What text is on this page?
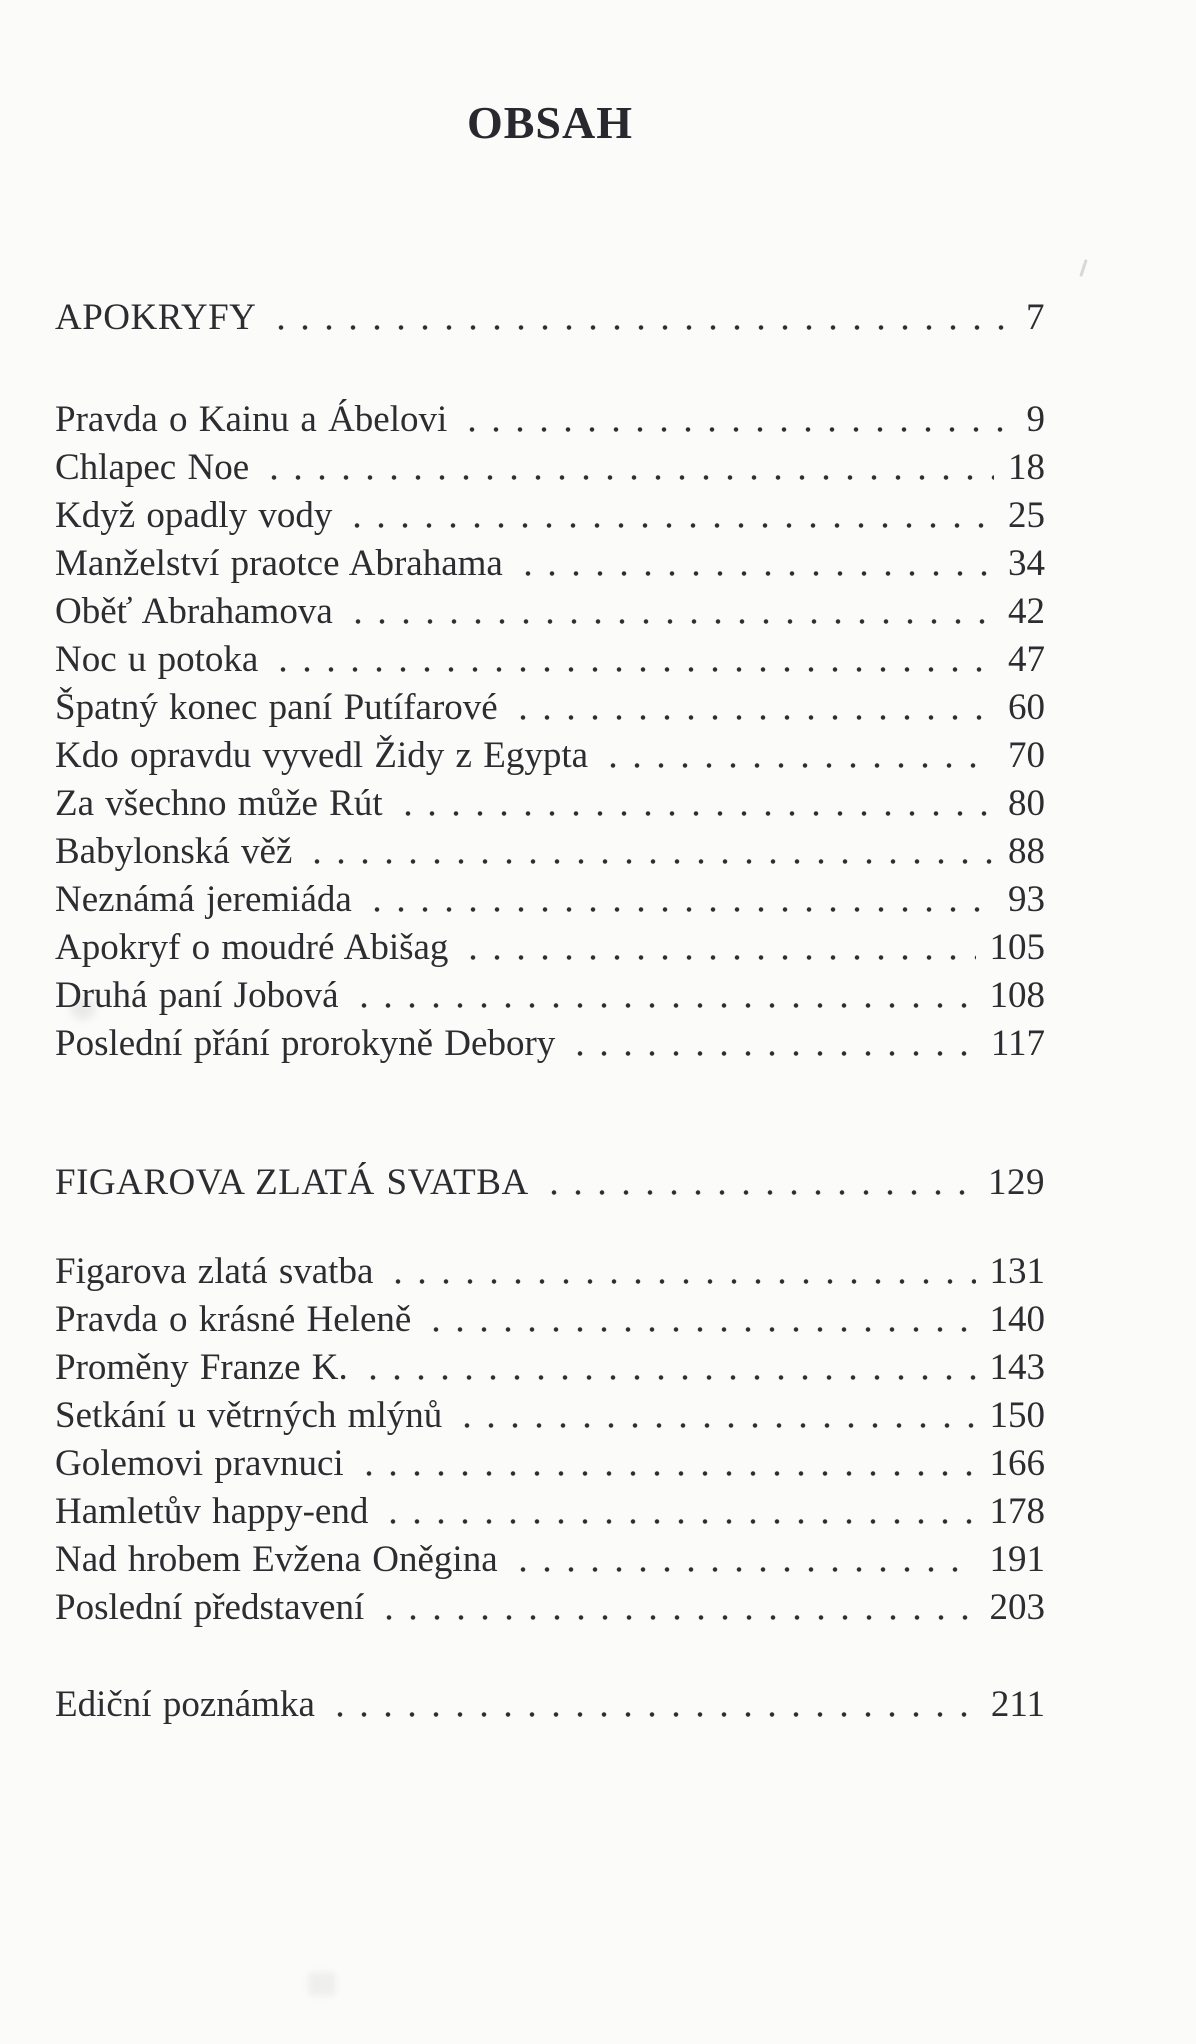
OBSAH
APOKRYFY	7
Pravda o Kainu a Ábelovi	9
Chlapec Noe	18
Když opadly vody	25
Manželství praotce Abrahama	34
Oběť Abrahamova	42
Noc u potoka	47
Špatný konec paní Putífarové	60
Kdo opravdu vyvedl Židy z Egypta	70
Za všechno může Rút	80
Babylonská věž	88
Neznámá jeremiáda	93
Apokryf o moudré Abišag	105
Druhá paní Jobová	108
Poslední přání prorokyně Debory	117
FIGAROVA ZLATÁ SVATBA	129
Figarova zlatá svatba	131
Pravda o krásné Heleně	140
Proměny Franze K.	143
Setkání u větrných mlýnů	150
Golemovi pravnuci	166
Hamletův happy-end	178
Nad hrobem Evžena Oněgina	191
Poslední představení	203
Ediční poznámka	211
